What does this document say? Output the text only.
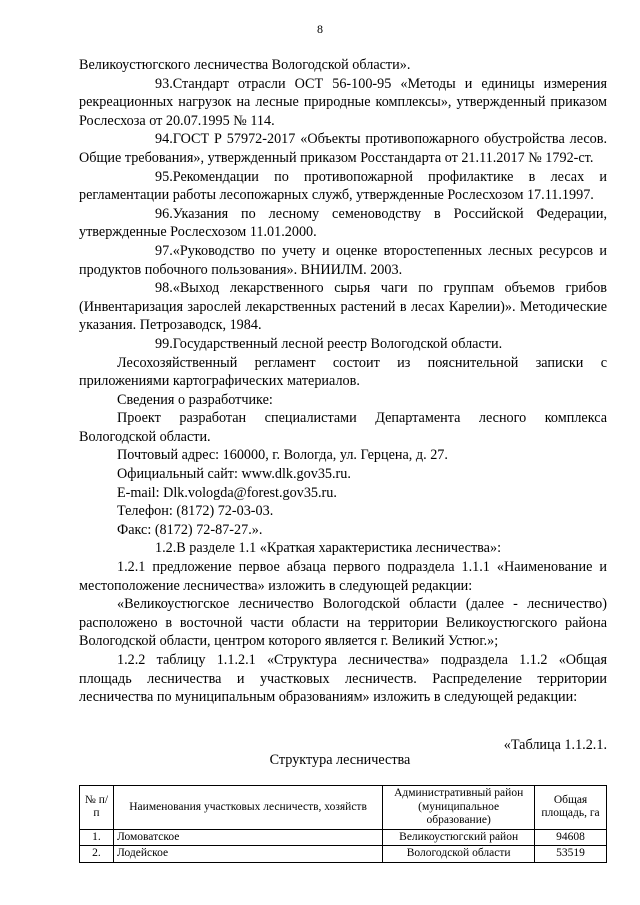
8

Великоустюгского лесничества Вологодской области».

93.Стандарт отрасли ОСТ 56-100-95 «Методы и единицы измерения рекреационных нагрузок на лесные природные комплексы», утвержденный приказом Рослесхоза от 20.07.1995 № 114.

94.ГОСТ Р 57972-2017 «Объекты противопожарного обустройства лесов. Общие требования», утвержденный приказом Росстандарта от 21.11.2017 № 1792-ст.

95.Рекомендации по противопожарной профилактике в лесах и регламентации работы лесопожарных служб, утвержденные Рослесхозом 17.11.1997.

96.Указания по лесному семеноводству в Российской Федерации, утвержденные Рослесхозом 11.01.2000.

97.«Руководство по учету и оценке второстепенных лесных ресурсов и продуктов побочного пользования». ВНИИЛМ. 2003.

98.«Выход лекарственного сырья чаги по группам объемов грибов (Инвентаризация зарослей лекарственных растений в лесах Карелии)». Методические указания. Петрозаводск, 1984.

99.Государственный лесной реестр Вологодской области.

Лесохозяйственный регламент состоит из пояснительной записки с приложениями картографических материалов.

Сведения о разработчике:

Проект разработан специалистами Департамента лесного комплекса Вологодской области.

Почтовый адрес: 160000, г. Вологда, ул. Герцена, д. 27.

Официальный сайт: www.dlk.gov35.ru.

E-mail: Dlk.vologda@forest.gov35.ru.

Телефон: (8172) 72-03-03.

Факс: (8172) 72-87-27.».

1.2.В разделе 1.1 «Краткая характеристика лесничества»:

1.2.1 предложение первое абзаца первого подраздела 1.1.1 «Наименование и местоположение лесничества» изложить в следующей редакции:

«Великоустюгское лесничество Вологодской области (далее - лесничество) расположено в восточной части области на территории Великоустюгского района Вологодской области, центром которого является г. Великий Устюг.»;

1.2.2 таблицу 1.1.2.1 «Структура лесничества» подраздела 1.1.2 «Общая площадь лесничества и участковых лесничеств. Распределение территории лесничества по муниципальным образованиям» изложить в следующей редакции:

«Таблица 1.1.2.1.
Структура лесничества
№ п/п	Наименования участковых лесничеств, хозяйств	Административный район (муниципальное образование)	Общая площадь, га
1.	Ломоватское	Великоустюгский район	94608
2.	Лодейское	Вологодской области	53519
